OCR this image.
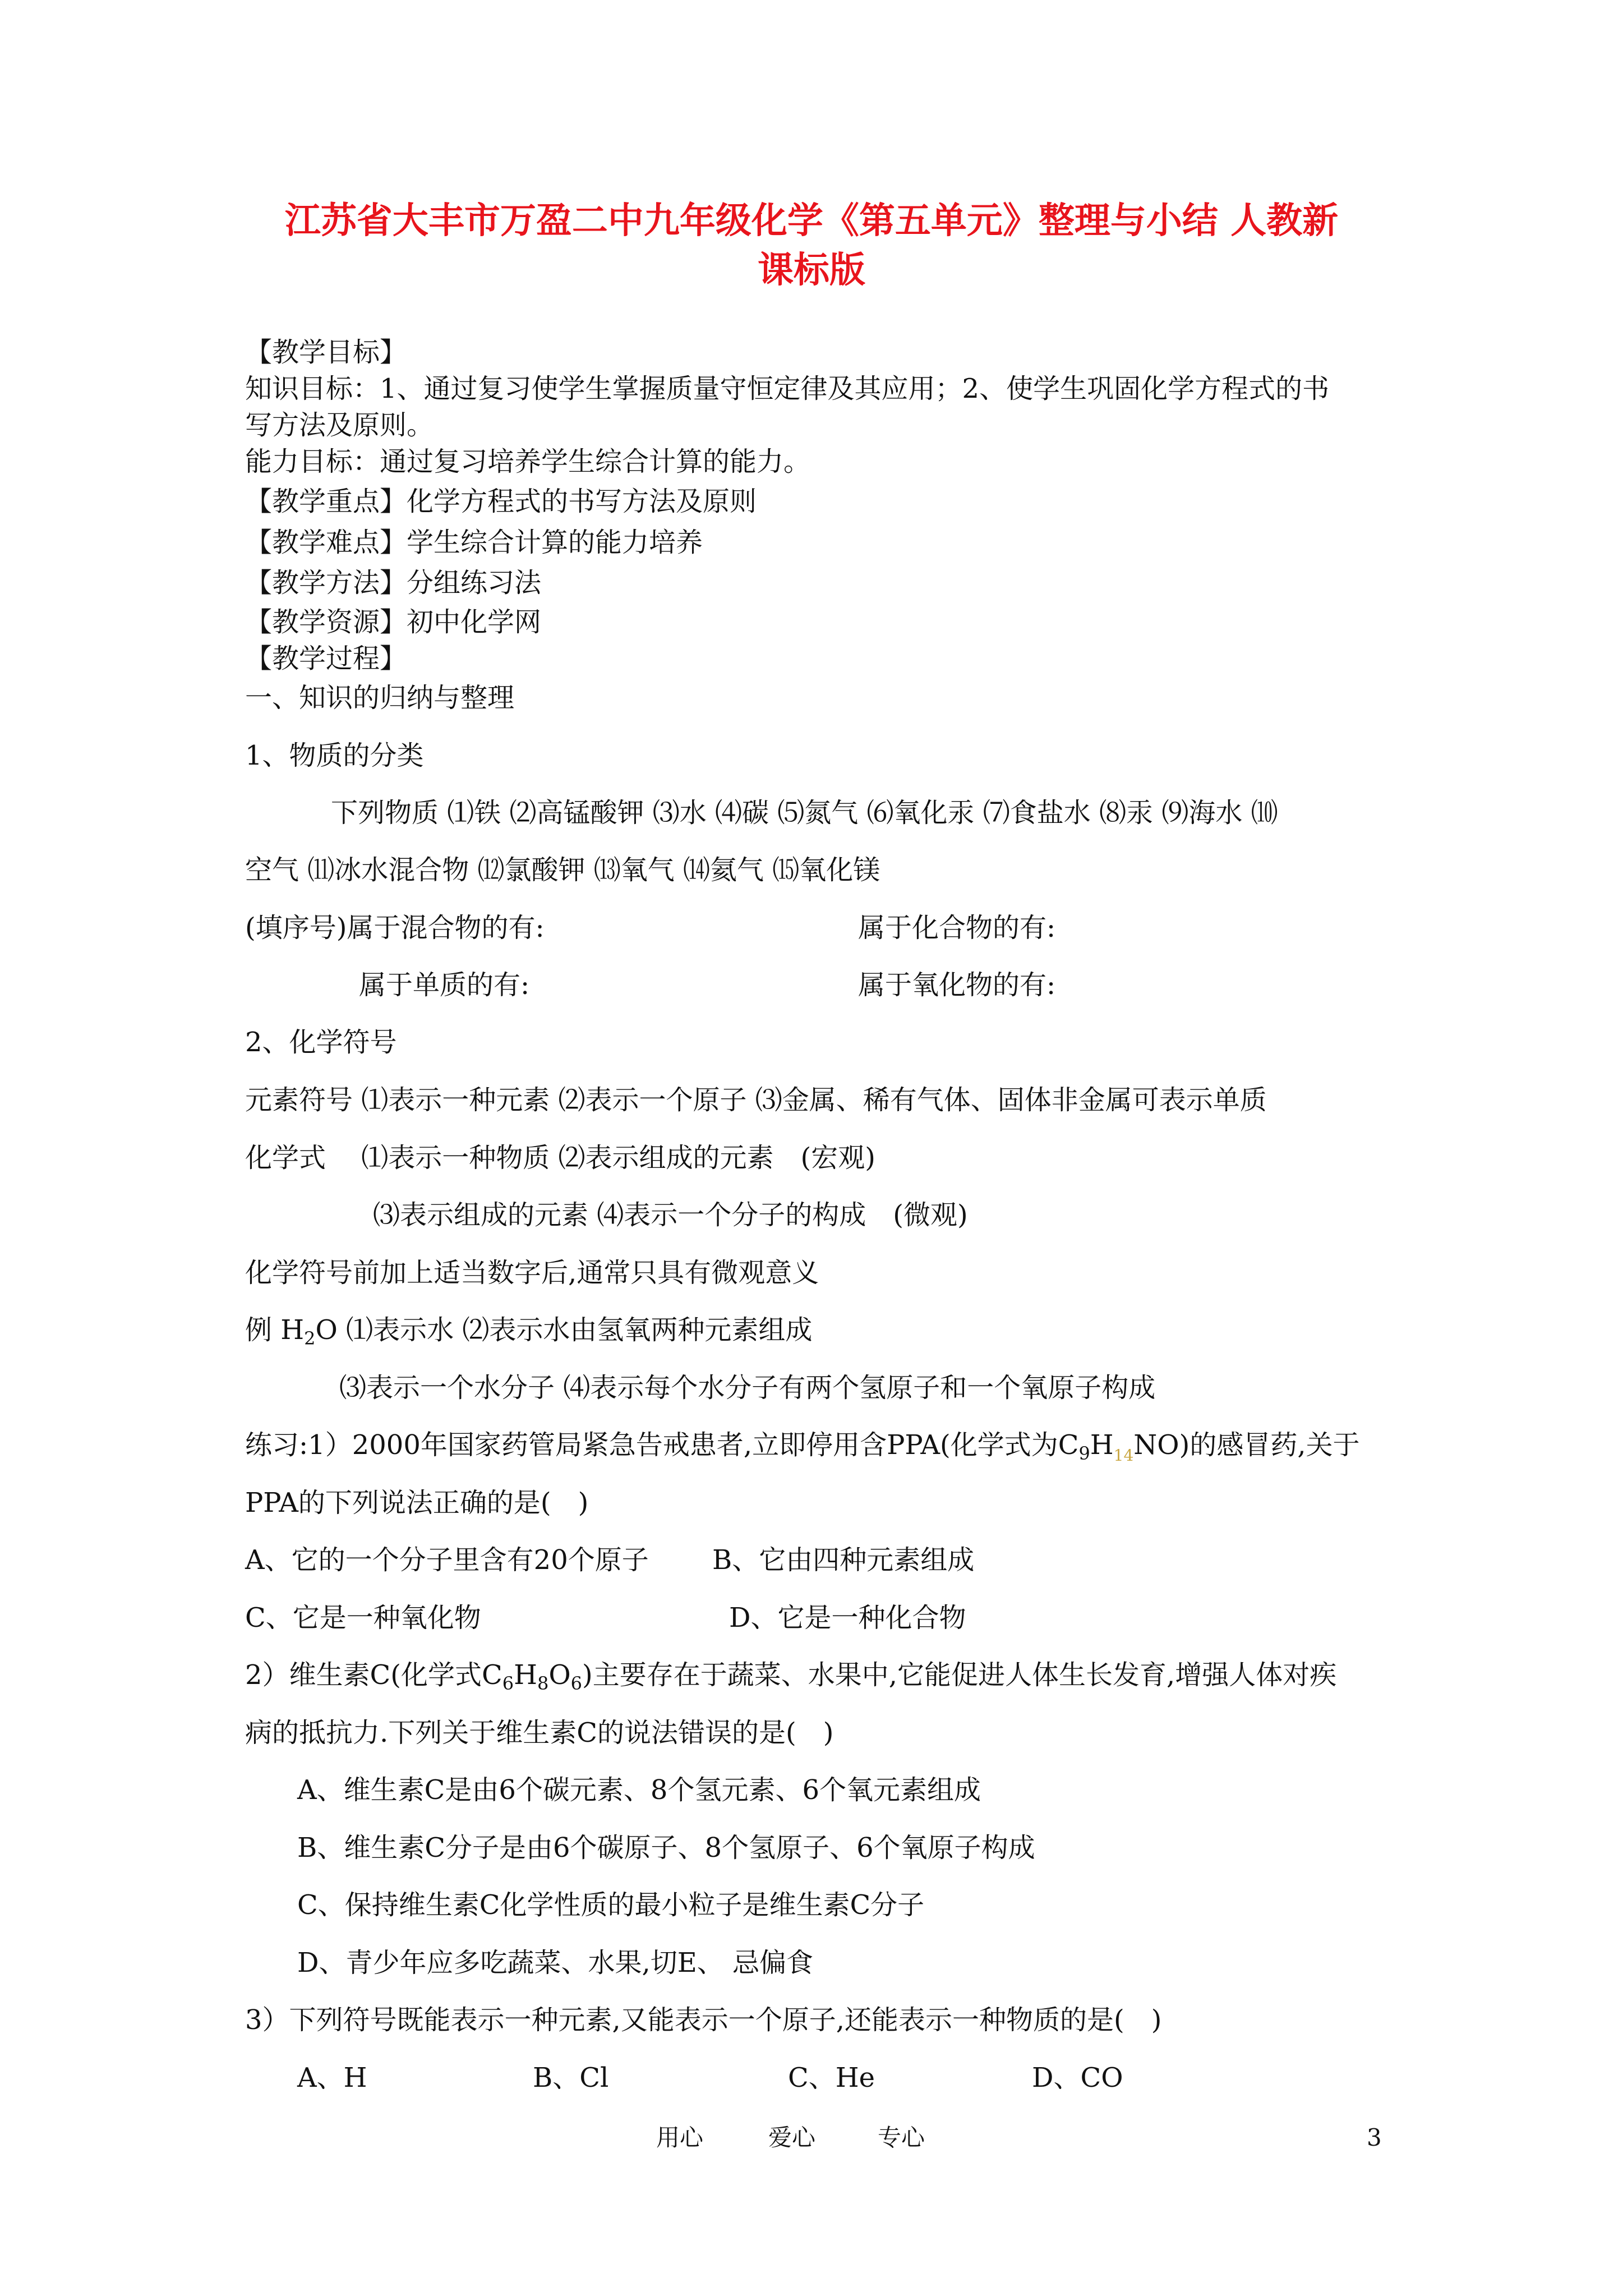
江苏省大丰市万盈二中九年级化学《第五单元》整理与小结 人教新
课标版
【教学目标】
知识目标：1、通过复习使学生掌握质量守恒定律及其应用；2、使学生巩固化学方程式的书
写方法及原则。
能力目标：通过复习培养学生综合计算的能力。
【教学重点】化学方程式的书写方法及原则
【教学难点】学生综合计算的能力培养
【教学方法】分组练习法
【教学资源】初中化学网
【教学过程】
一、知识的归纳与整理
1、物质的分类
下列物质 ⑴铁 ⑵高锰酸钾 ⑶水 ⑷碳 ⑸氮气 ⑹氧化汞 ⑺食盐水 ⑻汞 ⑼海水 ⑽
空气 ⑾冰水混合物 ⑿氯酸钾 ⒀氧气 ⒁氦气 ⒂氧化镁
(填序号)属于混合物的有:	属于化合物的有:
属于单质的有:	属于氧化物的有:
2、化学符号
元素符号 ⑴表示一种元素 ⑵表示一个原子 ⑶金属、稀有气体、固体非金属可表示单质
化学式　 ⑴表示一种物质 ⑵表示组成的元素　(宏观)
⑶表示组成的元素 ⑷表示一个分子的构成　(微观)
化学符号前加上适当数字后,通常只具有微观意义
例 $H_2O$ ⑴表示水 ⑵表示水由氢氧两种元素组成
⑶表示一个水分子 ⑷表示每个水分子有两个氢原子和一个氧原子构成
练习:1）2000年国家药管局紧急告戒患者,立即停用含PPA(化学式为$C_9H_{14}NO$)的感冒药,关于
PPA的下列说法正确的是(　)
A、它的一个分子里含有20个原子 B、它由四种元素组成
C、它是一种氧化物	D、它是一种化合物
2）维生素C(化学式$C_6H_8O_6$)主要存在于蔬菜、水果中,它能促进人体生长发育,增强人体对疾
病的抵抗力.下列关于维生素C的说法错误的是(　)
A、维生素C是由6个碳元素、8个氢元素、6个氧元素组成
B、维生素C分子是由6个碳原子、8个氢原子、6个氧原子构成
C、保持维生素C化学性质的最小粒子是维生素C分子
D、青少年应多吃蔬菜、水果,切E、 忌偏食
3）下列符号既能表示一种元素,又能表示一个原子,还能表示一种物质的是(　)
A、H	B、Cl	C、He	D、CO
用心	爱心	专心	3
